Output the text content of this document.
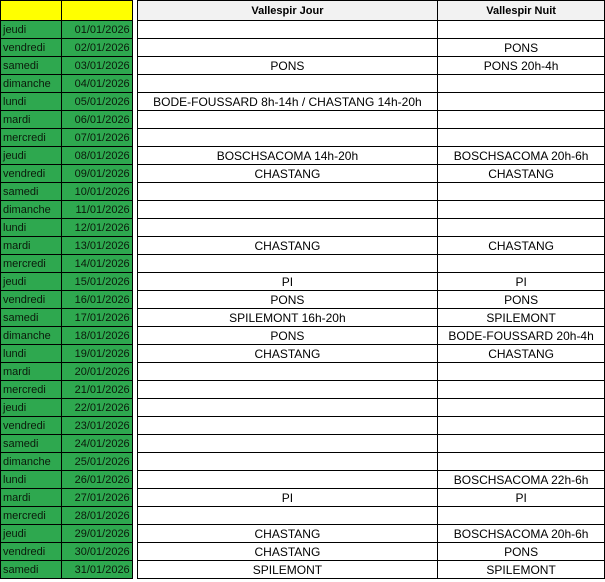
			Vallespir Jour	Vallespir Nuit
jeudi	01/01/2026			
vendredi	02/01/2026			PONS
samedi	03/01/2026		PONS	PONS 20h-4h
dimanche	04/01/2026			
lundi	05/01/2026		BODE-FOUSSARD 8h-14h / CHASTANG 14h-20h	
mardi	06/01/2026			
mercredi	07/01/2026			
jeudi	08/01/2026		BOSCHSACOMA 14h-20h	BOSCHSACOMA 20h-6h
vendredi	09/01/2026		CHASTANG	CHASTANG
samedi	10/01/2026			
dimanche	11/01/2026			
lundi	12/01/2026			
mardi	13/01/2026		CHASTANG	CHASTANG
mercredi	14/01/2026			
jeudi	15/01/2026		PI	PI
vendredi	16/01/2026		PONS	PONS
samedi	17/01/2026		SPILEMONT 16h-20h	SPILEMONT
dimanche	18/01/2026		PONS	BODE-FOUSSARD 20h-4h
lundi	19/01/2026		CHASTANG	CHASTANG
mardi	20/01/2026			
mercredi	21/01/2026			
jeudi	22/01/2026			
vendredi	23/01/2026			
samedi	24/01/2026			
dimanche	25/01/2026			
lundi	26/01/2026			BOSCHSACOMA 22h-6h
mardi	27/01/2026		PI	PI
mercredi	28/01/2026			
jeudi	29/01/2026		CHASTANG	BOSCHSACOMA 20h-6h
vendredi	30/01/2026		CHASTANG	PONS
samedi	31/01/2026		SPILEMONT	SPILEMONT
